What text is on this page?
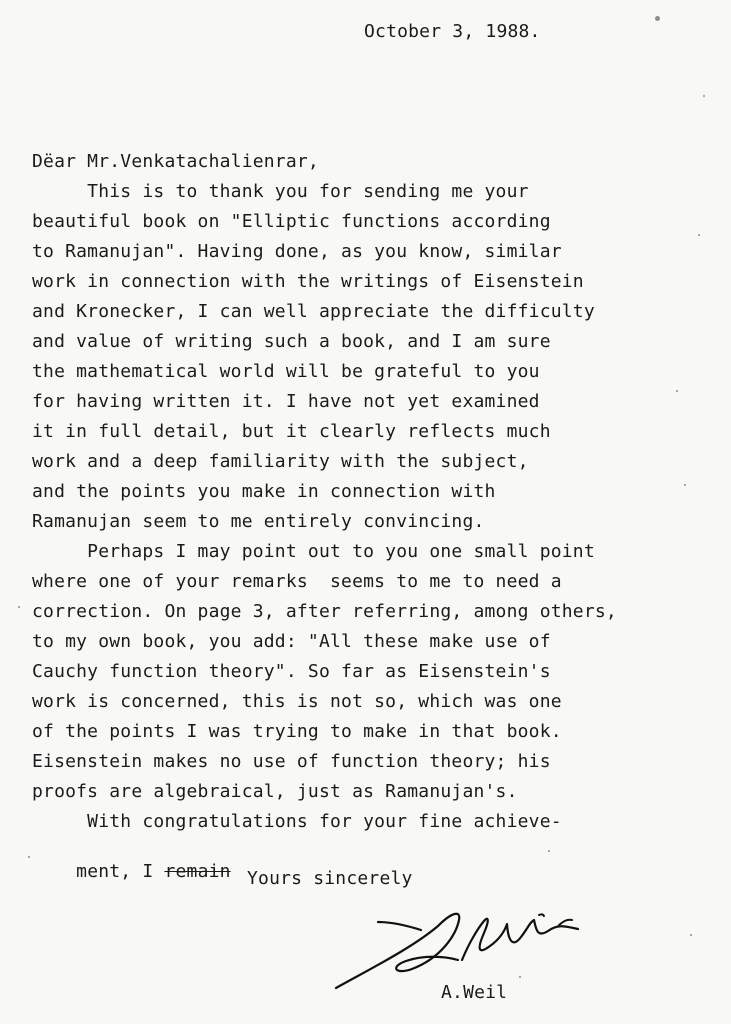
October 3, 1988.
Dëar Mr.Venkatachalienrar,
This is to thank you for sending me your
beautiful book on "Elliptic functions according
to Ramanujan". Having done, as you know, similar
work in connection with the writings of Eisenstein
and Kronecker, I can well appreciate the difficulty
and value of writing such a book, and I am sure
the mathematical world will be grateful to you
for having written it. I have not yet examined
it in full detail, but it clearly reflects much
work and a deep familiarity with the subject,
and the points you make in connection with
Ramanujan seem to me entirely convincing.
Perhaps I may point out to you one small point
where one of your remarks  seems to me to need a
correction. On page 3, after referring, among others,
to my own book, you add: "All these make use of
Cauchy function theory". So far as Eisenstein's
work is concerned, this is not so, which was one
of the points I was trying to make in that book.
Eisenstein makes no use of function theory; his
proofs are algebraical, just as Ramanujan's.
With congratulations for your fine achieve-

ment, I remain
Yours sincerely
A.Weil
